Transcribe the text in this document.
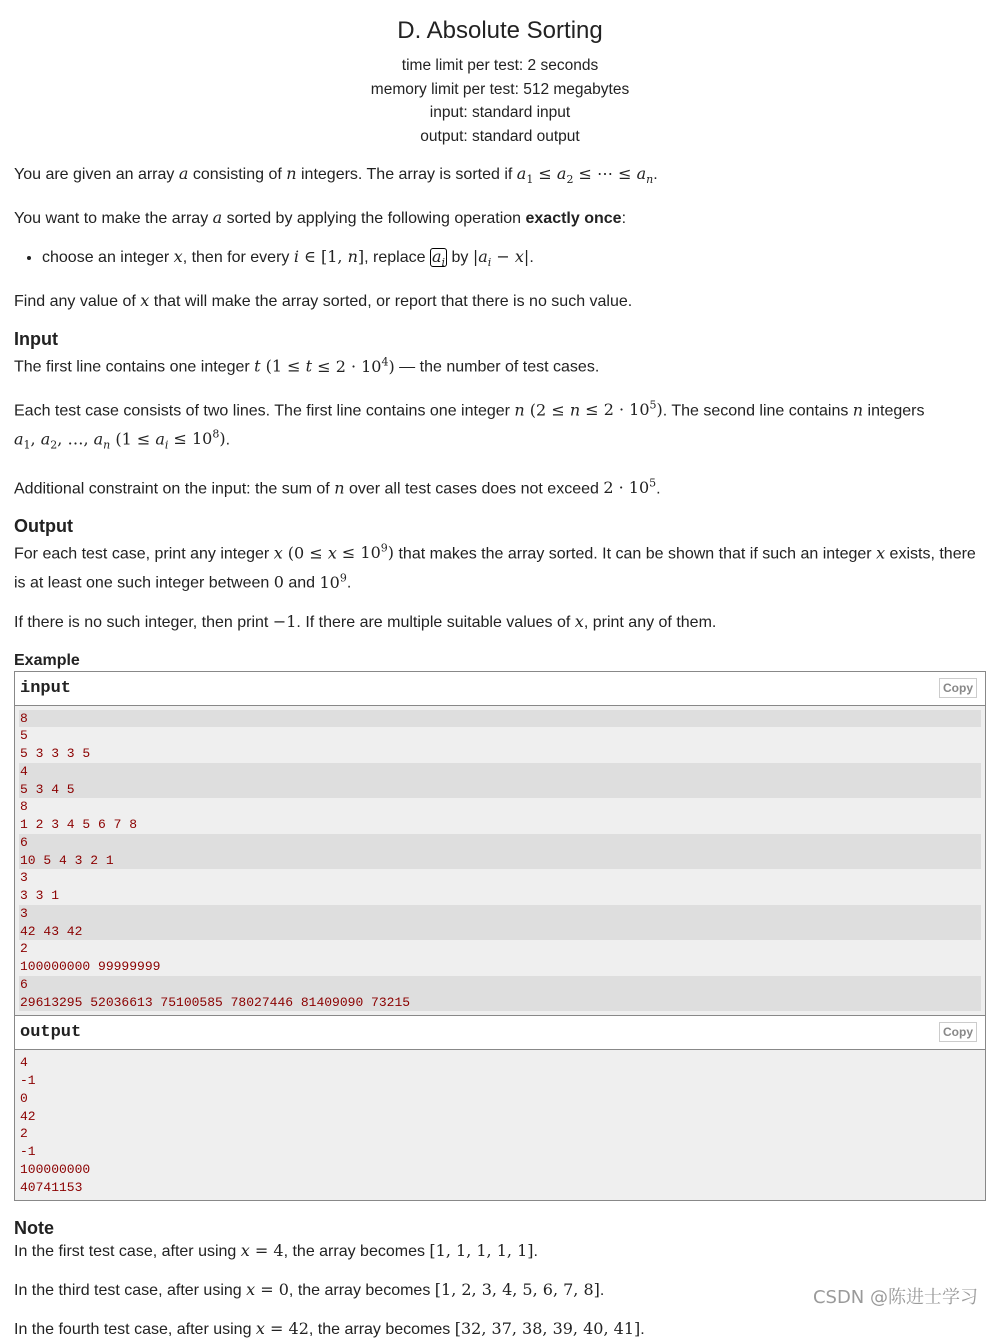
D. Absolute Sorting
time limit per test: 2 seconds
memory limit per test: 512 megabytes
input: standard input
output: standard output

You are given an array a consisting of n integers. The array is sorted if $a_1 \le a_2$ ≤ ⋯ ≤ $a_n$.

You want to make the array a sorted by applying the following operation exactly once:

• choose an integer x, then for every i ∈ [1, n], replace $a_i$ by $|a_i - x|$.

Find any value of x that will make the array sorted, or report that there is no such value.

Input

The first line contains one integer t $(1 \le t \le 2 \cdot 10^4)$ — the number of test cases.

Each test case consists of two lines. The first line contains one integer n $(2 \le n \le 2 \cdot 10^5)$. The second line contains n integers
$a_1$, $a_2$, …, $a_n$ $(1 \le a_i \le 10^8)$.

Additional constraint on the input: the sum of n over all test cases does not exceed $2 \cdot 10^5$.

Output

For each test case, print any integer x $(0 \le x \le 10^9)$ that makes the array sorted. It can be shown that if such an integer x exists, there
is at least one such integer between 0 and $10^9$.

If there is no such integer, then print −1. If there are multiple suitable values of x, print any of them.

Example
input	Copy
8
5
5 3 3 3 5
4
5 3 4 5
8
1 2 3 4 5 6 7 8
6
10 5 4 3 2 1
3
3 3 1
3
42 43 42
2
100000000 99999999
6
29613295 52036613 75100585 78027446 81409090 73215
output	Copy
4
-1
0
42
2
-1
100000000
40741153
Note

In the first test case, after using x = 4, the array becomes [1, 1, 1, 1, 1].

In the third test case, after using x = 0, the array becomes [1, 2, 3, 4, 5, 6, 7, 8].

In the fourth test case, after using x = 42, the array becomes [32, 37, 38, 39, 40, 41].

CSDN @陈进士学习
